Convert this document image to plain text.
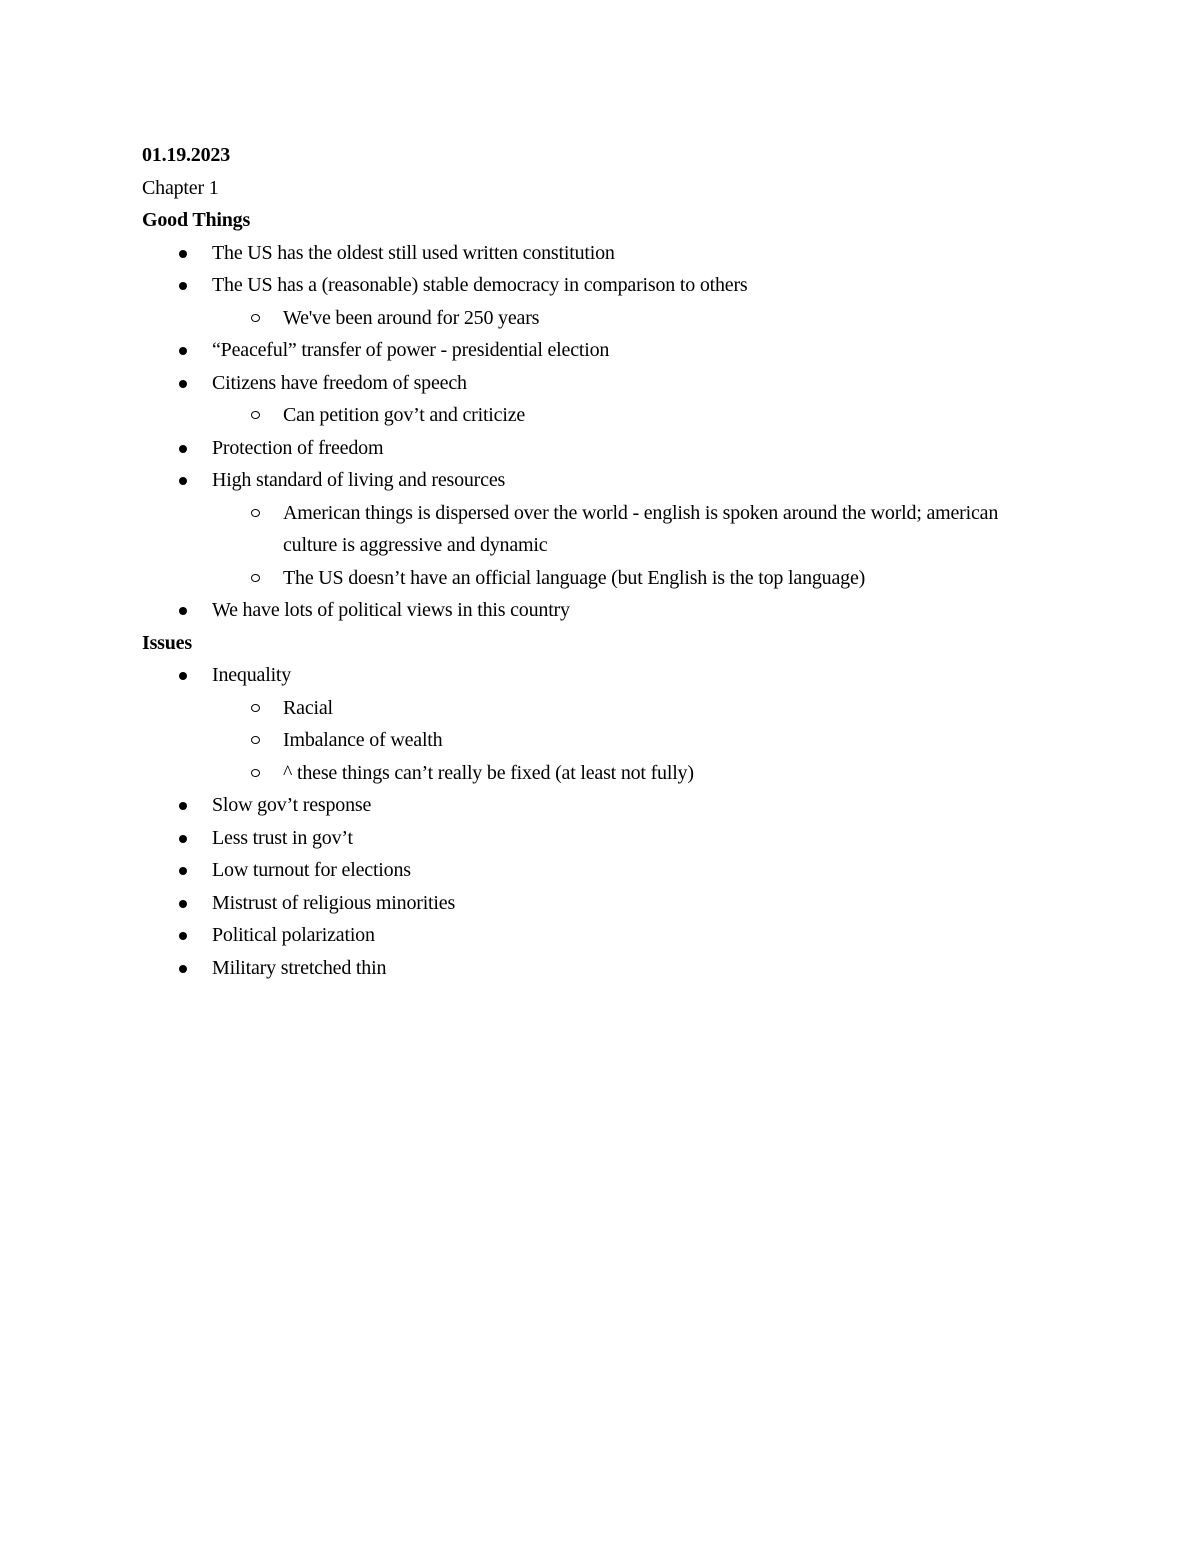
01.19.2023

Chapter 1

Good Things

The US has the oldest still used written constitution
The US has a (reasonable) stable democracy in comparison to others
We've been around for 250 years
“Peaceful” transfer of power - presidential election
Citizens have freedom of speech
Can petition gov’t and criticize
Protection of freedom
High standard of living and resources
American things is dispersed over the world - english is spoken around the world; american culture is aggressive and dynamic
The US doesn’t have an official language (but English is the top language)
We have lots of political views in this country

Issues

Inequality
Racial
Imbalance of wealth
^ these things can’t really be fixed (at least not fully)
Slow gov’t response
Less trust in gov’t
Low turnout for elections
Mistrust of religious minorities
Political polarization
Military stretched thin
